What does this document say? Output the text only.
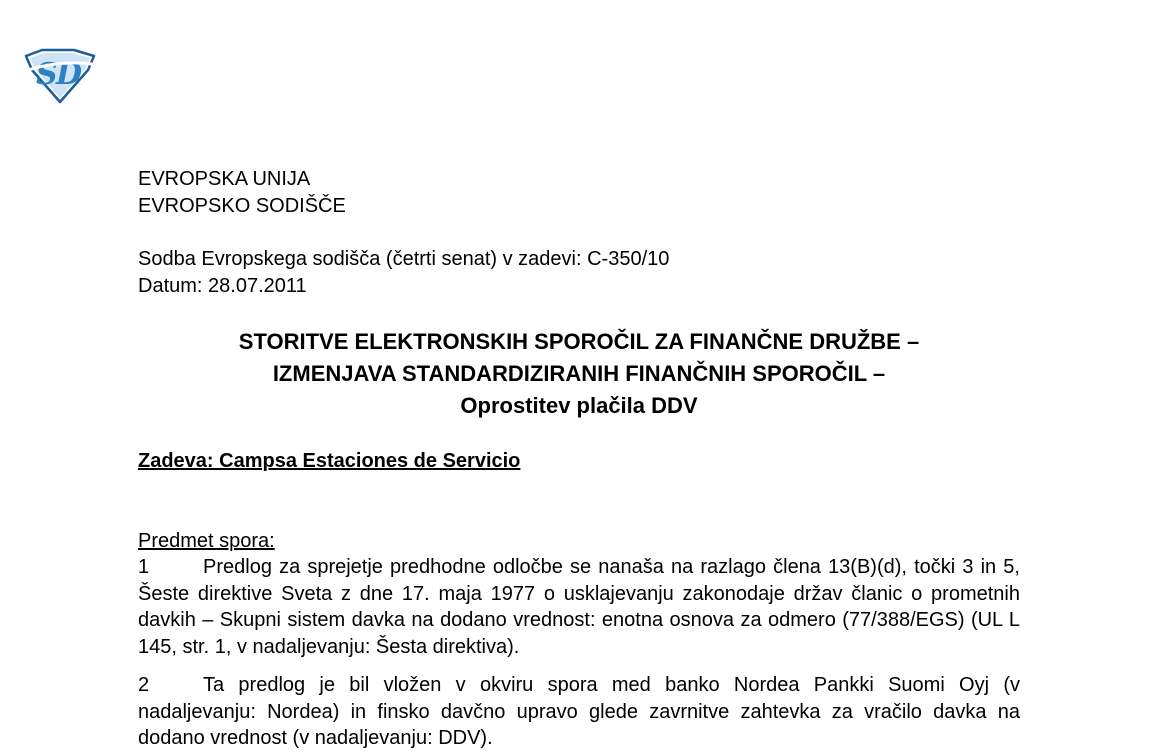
S
D
EVROPSKA UNIJA
EVROPSKO SODIŠČE
Sodba Evropskega sodišča (četrti senat) v zadevi: C-350/10
Datum: 28.07.2011
STORITVE ELEKTRONSKIH SPOROČIL ZA FINANČNE DRUŽBE –
IZMENJAVA STANDARDIZIRANIH FINANČNIH SPOROČIL –
Oprostitev plačila DDV
Zadeva: Campsa Estaciones de Servicio
Predmet spora:
1	Predlog za sprejetje predhodne odločbe se nanaša na razlago člena 13(B)(d), točki 3 in 5, Šeste direktive Sveta z dne 17. maja 1977 o usklajevanju zakonodaje držav članic o prometnih davkih – Skupni sistem davka na dodano vrednost: enotna osnova za odmero (77/388/EGS) (UL L 145, str. 1, v nadaljevanju: Šesta direktiva).
2	Ta predlog je bil vložen v okviru spora med banko Nordea Pankki Suomi Oyj (v nadaljevanju: Nordea) in finsko davčno upravo glede zavrnitve zahtevka za vračilo davka na dodano vrednost (v nadaljevanju: DDV).
